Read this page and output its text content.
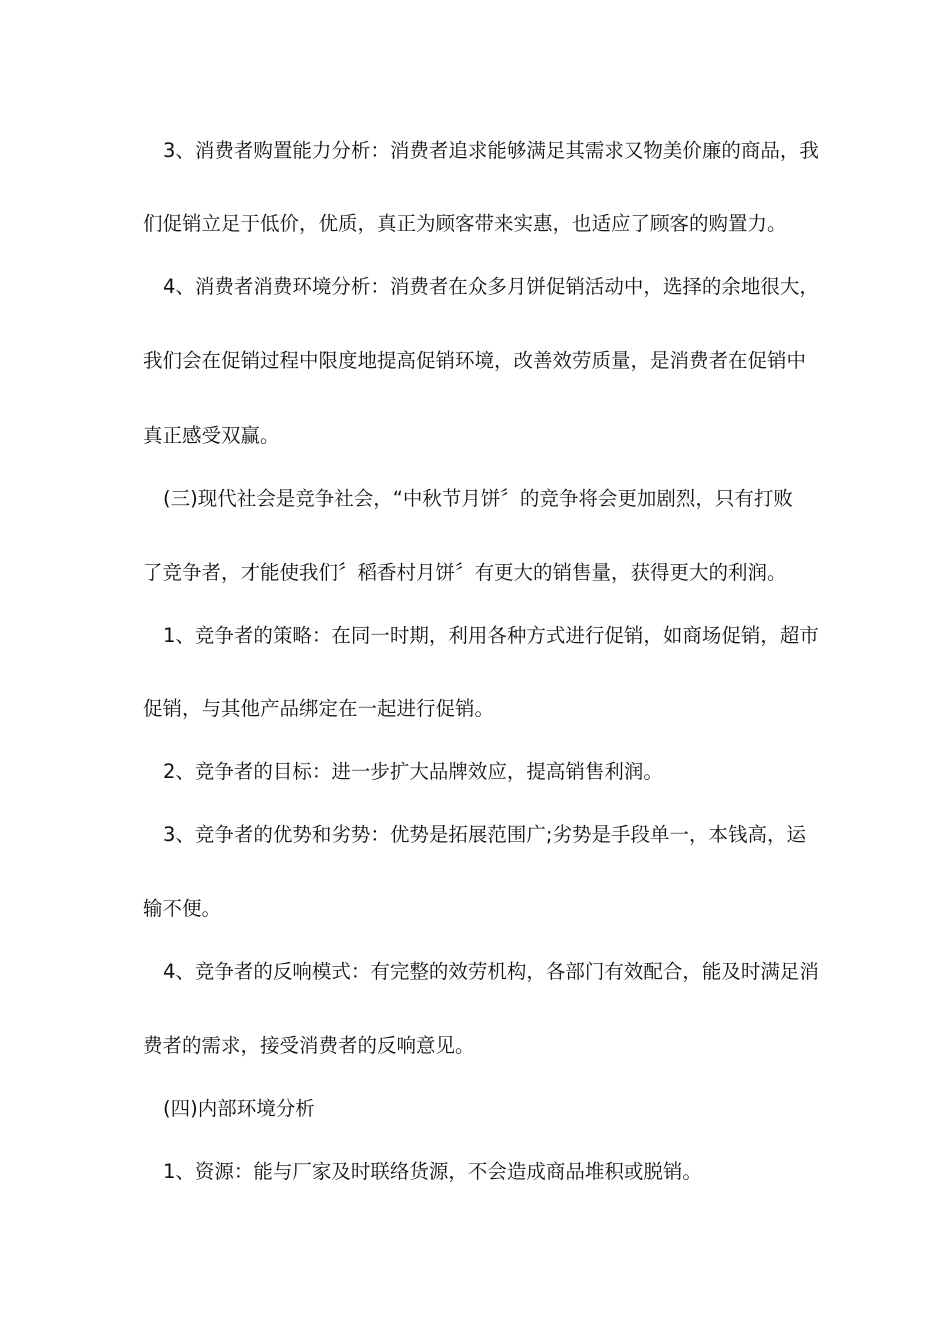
3、消费者购置能力分析：消费者追求能够满足其需求又物美价廉的商品，我
们促销立足于低价，优质，真正为顾客带来实惠，也适应了顾客的购置力。
4、消费者消费环境分析：消费者在众多月饼促销活动中，选择的余地很大，
我们会在促销过程中限度地提高促销环境，改善效劳质量，是消费者在促销中
真正感受双赢。
(三)现代社会是竞争社会，“中秋节月饼〞的竞争将会更加剧烈，只有打败
了竞争者，才能使我们〞稻香村月饼〞有更大的销售量，获得更大的利润。
1、竞争者的策略：在同一时期，利用各种方式进行促销，如商场促销，超市
促销，与其他产品绑定在一起进行促销。
2、竞争者的目标：进一步扩大品牌效应，提高销售利润。
3、竞争者的优势和劣势：优势是拓展范围广;劣势是手段单一，本钱高，运
输不便。
4、竞争者的反响模式：有完整的效劳机构，各部门有效配合，能及时满足消
费者的需求，接受消费者的反响意见。
(四)内部环境分析
1、资源：能与厂家及时联络货源，不会造成商品堆积或脱销。
